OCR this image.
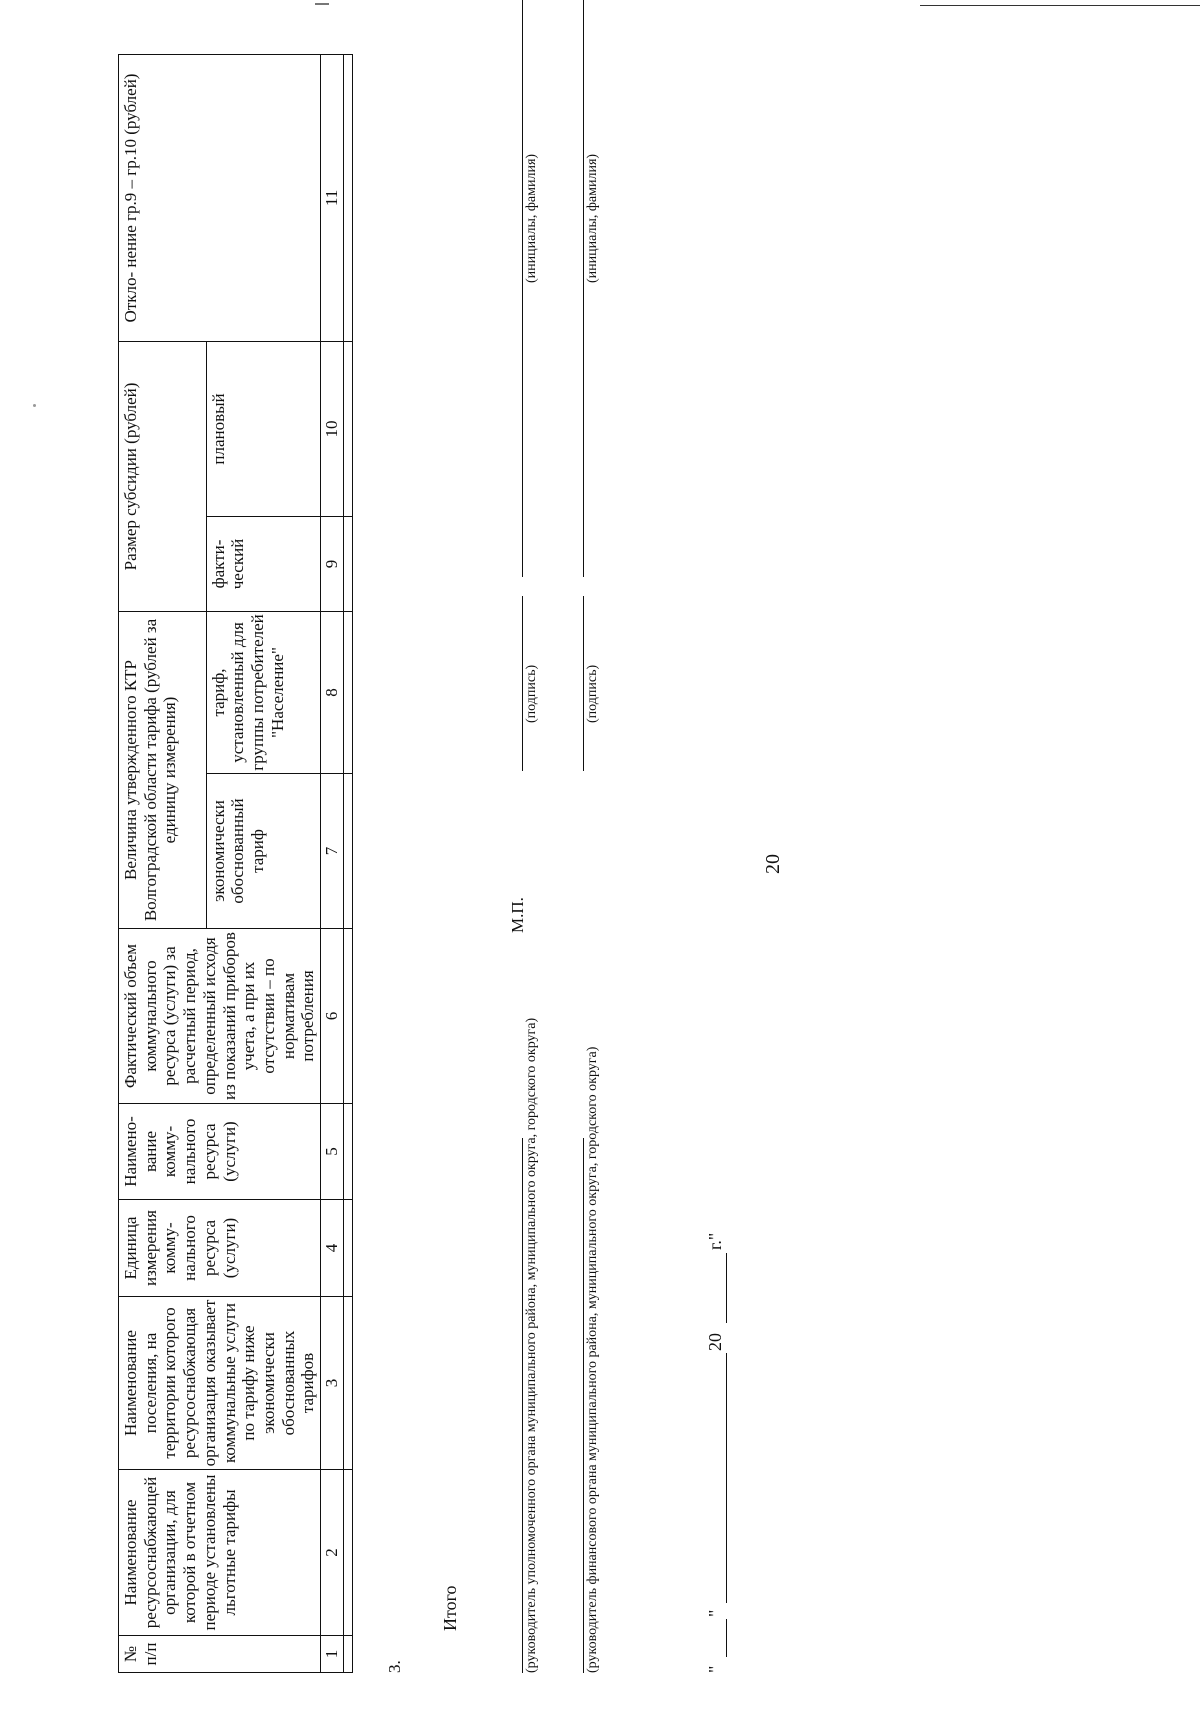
20
№ п/п	Наименование ресурсоснабжающей организации, для которой в отчетном периоде установлены льготные тарифы	Наименование поселения, на территории которого ресурсоснабжающая организация оказывает коммунальные услуги по тарифу ниже экономически обоснованных тарифов	Единица измерения комму- нального ресурса (услуги)	Наимено- вание комму- нального ресурса (услуги)	Фактический объем коммунального ресурса (услуги) за расчетный период, определенный исходя из показаний приборов учета, а при их отсутствии – по нормативам потребления	Величина утвержденного КТР Волгоградской области тарифа (рублей за единицу измерения)		Размер субсидии (рублей)		Откло- нение гр.9 – гр.10 (рублей)
						экономически обоснованный тариф	тариф, установленный для группы потребителей "Население"	факти- ческий	плановый	
1	2	3	4	5	6	7	8	9	10	11

3.
Итого	(руководитель уполномоченного органа муниципального района, муниципального округа, городского округа)
М.П.
(подпись)
(инициалы, фамилия)
(руководитель финансового органа муниципального района, муниципального округа, городского округа)
(подпись)
(инициалы, фамилия)
"
"
20
г."
